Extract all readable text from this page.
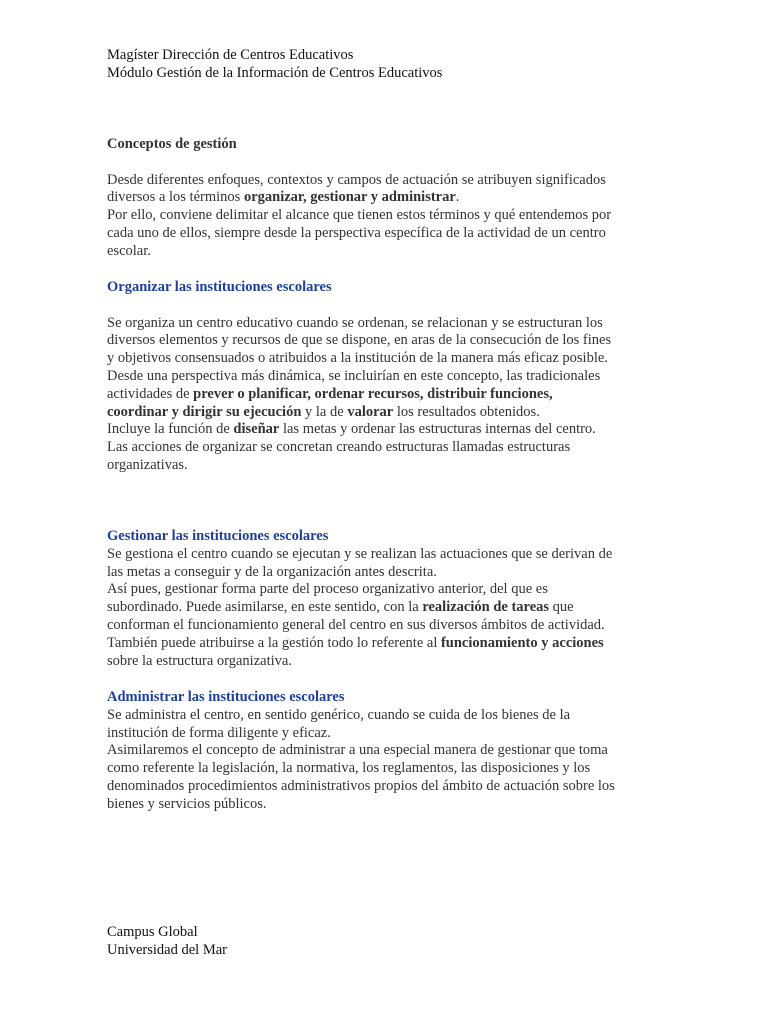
Magíster Dirección de Centros Educativos

Módulo Gestión de la Información de Centros Educativos

Conceptos de gestión

Desde diferentes enfoques, contextos y campos de actuación se atribuyen significados diversos a los términos organizar, gestionar y administrar.

Por ello, conviene delimitar el alcance que tienen estos términos y qué entendemos por cada uno de ellos, siempre desde la perspectiva específica de la actividad de un centro escolar.

Organizar las instituciones escolares

Se organiza un centro educativo cuando se ordenan, se relacionan y se estructuran los diversos elementos y recursos de que se dispone, en aras de la consecución de los fines y objetivos consensuados o atribuidos a la institución de la manera más eficaz posible.

Desde una perspectiva más dinámica, se incluirían en este concepto, las tradicionales actividades de prever o planificar, ordenar recursos, distribuir funciones, coordinar y dirigir su ejecución y la de valorar los resultados obtenidos.

Incluye la función de diseñar las metas y ordenar las estructuras internas del centro. Las acciones de organizar se concretan creando estructuras llamadas estructuras organizativas.

Gestionar las instituciones escolares

Se gestiona el centro cuando se ejecutan y se realizan las actuaciones que se derivan de las metas a conseguir y de la organización antes descrita.

Así pues, gestionar forma parte del proceso organizativo anterior, del que es subordinado. Puede asimilarse, en este sentido, con la realización de tareas que conforman el funcionamiento general del centro en sus diversos ámbitos de actividad. También puede atribuirse a la gestión todo lo referente al funcionamiento y acciones sobre la estructura organizativa.

Administrar las instituciones escolares

Se administra el centro, en sentido genérico, cuando se cuida de los bienes de la institución de forma diligente y eficaz.

Asimilaremos el concepto de administrar a una especial manera de gestionar que toma como referente la legislación, la normativa, los reglamentos, las disposiciones y los denominados procedimientos administrativos propios del ámbito de actuación sobre los bienes y servicios públicos.

Campus Global

Universidad del Mar
